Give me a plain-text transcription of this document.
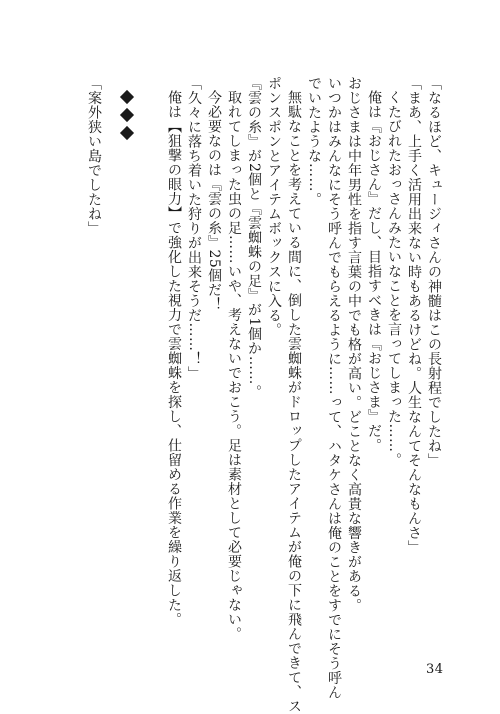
「なるほど、キュージィさんの神髄はこの長射程でしたね」
「まあ、上手く活用出来ない時もあるけどね。人生なんてそんなもんさ」
くたびれたおっさんみたいなことを言ってしまった……。
俺は『おじさん』だし、目指すべきは『おじさま』だ。
おじさまは中年男性を指す言葉の中でも格が高い。どことなく高貴な響きがある。
いつかはみんなにそう呼んでもらえるように……って、ハタケさんは俺のことをすでにそう呼ん
でいたような……。
無駄なことを考えている間に、倒した雲蜘蛛がドロップしたアイテムが俺の下に飛んできて、ス
ポンスポンとアイテムボックスに入る。
『雲の糸』が2個と『雲蜘蛛の足』が1個か……。
取れてしまった虫の足……いや、考えないでおこう。足は素材として必要じゃない。
今必要なのは『雲の糸』25個だ！
「久々に落ち着いた狩りが出来そうだ……！」
俺は【狙撃の眼力】で強化した視力で雲蜘蛛を探し、仕留める作業を繰り返した。
「案外狭い島でしたね」
34
